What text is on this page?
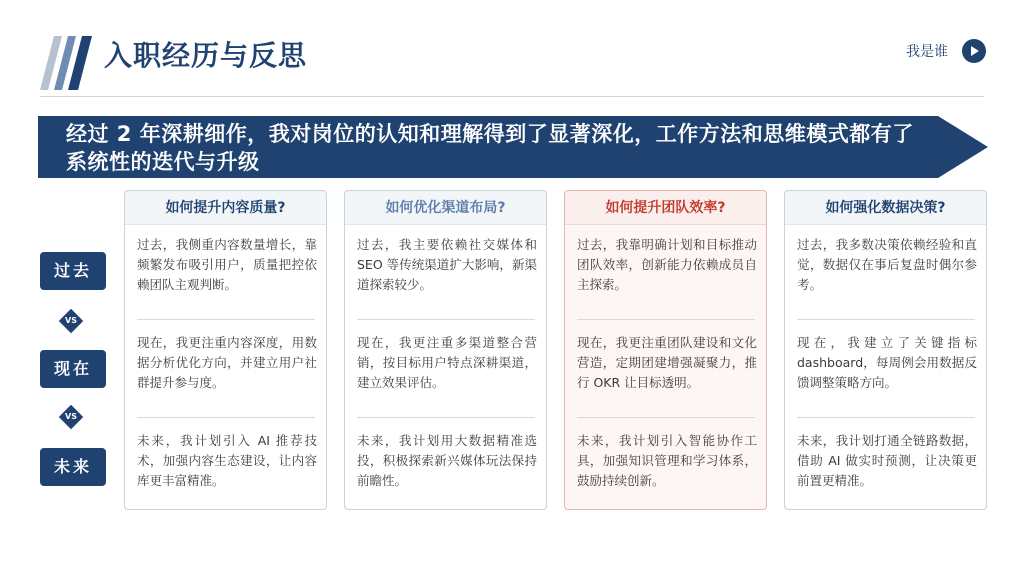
入职经历与反思	我是谁
经过 2 年深耕细作，我对岗位的认知和理解得到了显著深化，工作方法和思维模式都有了系统性的迭代与升级
过去
VS
现在
VS
未来
如何提升内容质量?
过去，我侧重内容数量增长，靠频繁发布吸引用户，质量把控依赖团队主观判断。
现在，我更注重内容深度，用数据分析优化方向，并建立用户社群提升参与度。
未来，我计划引入 AI 推荐技术，加强内容生态建设，让内容库更丰富精准。
如何优化渠道布局?
过去，我主要依赖社交媒体和 SEO 等传统渠道扩大影响，新渠道探索较少。
现在，我更注重多渠道整合营销，按目标用户特点深耕渠道，建立效果评估。
未来，我计划用大数据精准选投，积极探索新兴媒体玩法保持前瞻性。
如何提升团队效率?
过去，我靠明确计划和目标推动团队效率，创新能力依赖成员自主探索。
现在，我更注重团队建设和文化营造，定期团建增强凝聚力，推行 OKR 让目标透明。
未来，我计划引入智能协作工具，加强知识管理和学习体系，鼓励持续创新。
如何强化数据决策?
过去，我多数决策依赖经验和直觉，数据仅在事后复盘时偶尔参考。
现在，我建立了关键指标 dashboard，每周例会用数据反馈调整策略方向。
未来，我计划打通全链路数据，借助 AI 做实时预测，让决策更前置更精准。
